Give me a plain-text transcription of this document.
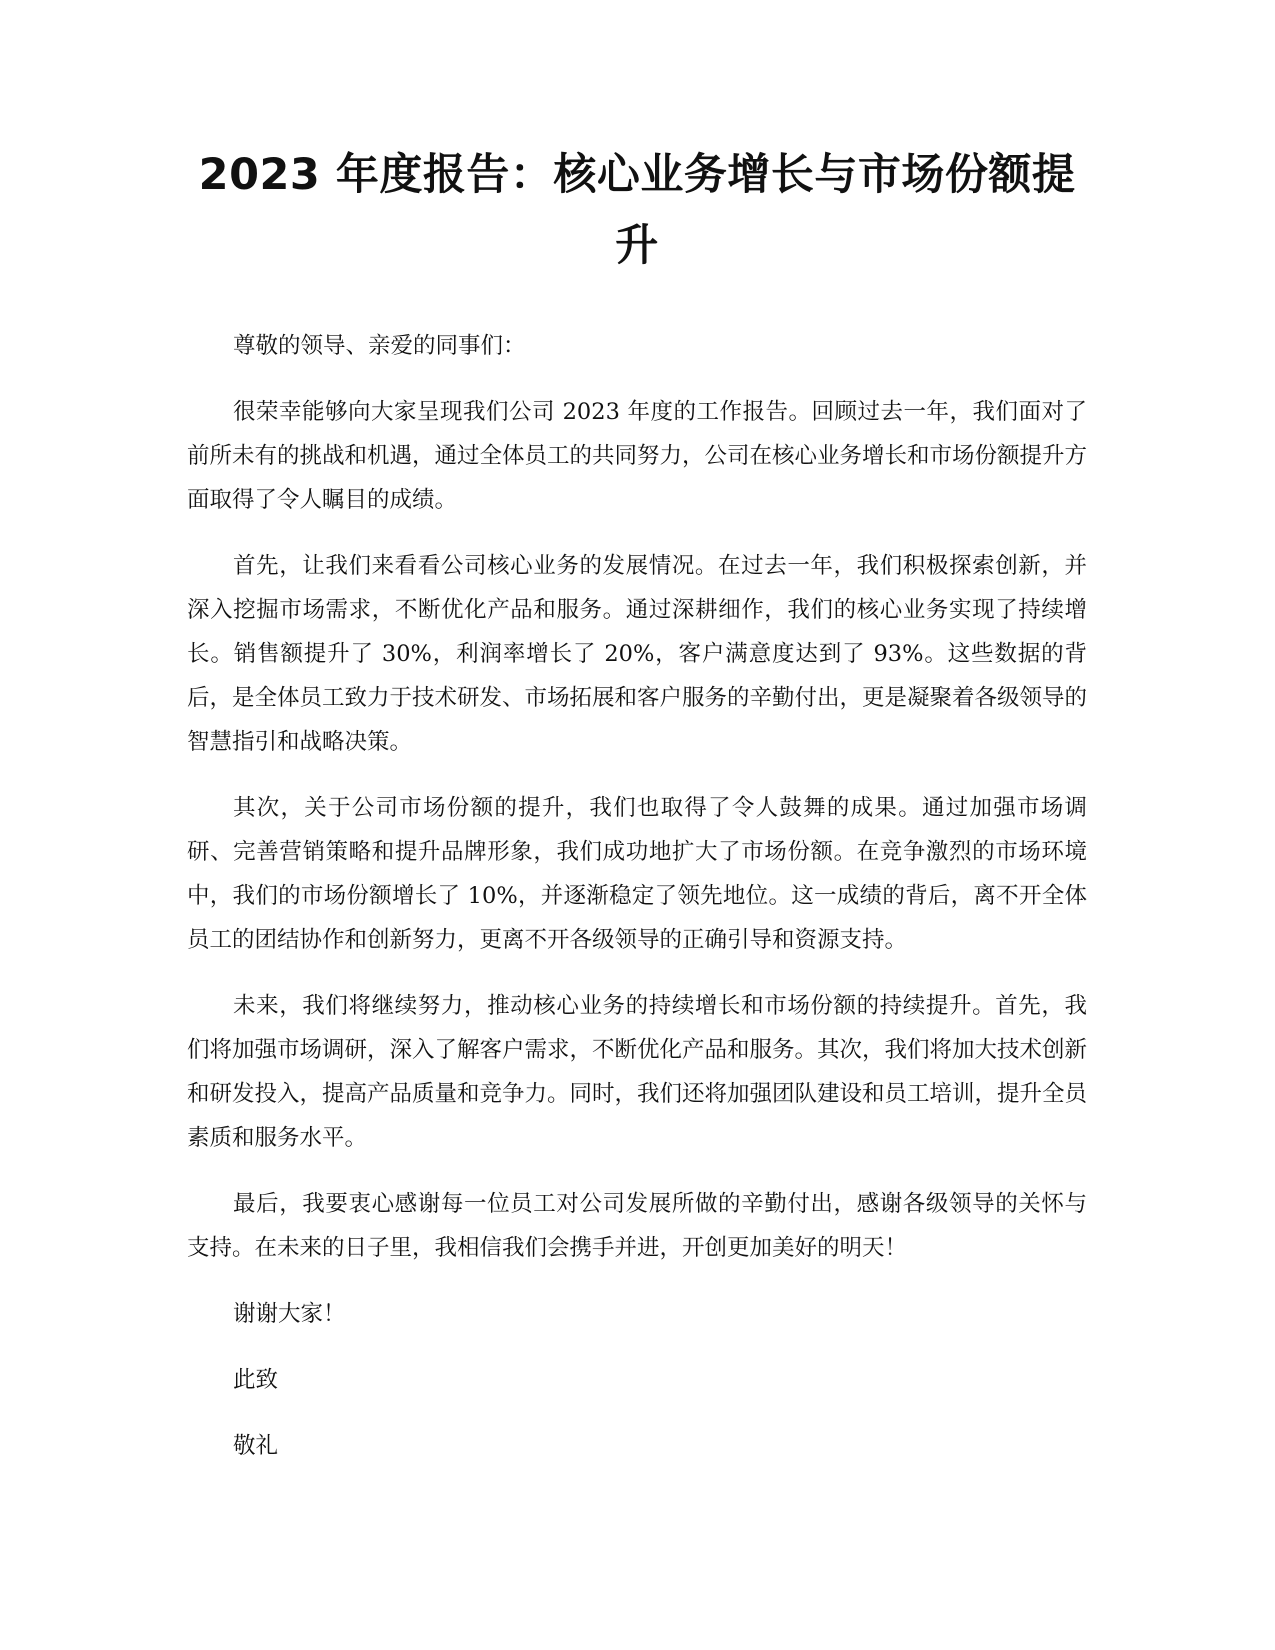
2023 年度报告：核心业务增长与市场份额提升

尊敬的领导、亲爱的同事们：

很荣幸能够向大家呈现我们公司 2023 年度的工作报告。回顾过去一年，我们面对了前所未有的挑战和机遇，通过全体员工的共同努力，公司在核心业务增长和市场份额提升方面取得了令人瞩目的成绩。

首先，让我们来看看公司核心业务的发展情况。在过去一年，我们积极探索创新，并深入挖掘市场需求，不断优化产品和服务。通过深耕细作，我们的核心业务实现了持续增长。销售额提升了 30%，利润率增长了 20%，客户满意度达到了 93%。这些数据的背后，是全体员工致力于技术研发、市场拓展和客户服务的辛勤付出，更是凝聚着各级领导的智慧指引和战略决策。

其次，关于公司市场份额的提升，我们也取得了令人鼓舞的成果。通过加强市场调研、完善营销策略和提升品牌形象，我们成功地扩大了市场份额。在竞争激烈的市场环境中，我们的市场份额增长了 10%，并逐渐稳定了领先地位。这一成绩的背后，离不开全体员工的团结协作和创新努力，更离不开各级领导的正确引导和资源支持。

未来，我们将继续努力，推动核心业务的持续增长和市场份额的持续提升。首先，我们将加强市场调研，深入了解客户需求，不断优化产品和服务。其次，我们将加大技术创新和研发投入，提高产品质量和竞争力。同时，我们还将加强团队建设和员工培训，提升全员素质和服务水平。

最后，我要衷心感谢每一位员工对公司发展所做的辛勤付出，感谢各级领导的关怀与支持。在未来的日子里，我相信我们会携手并进，开创更加美好的明天！

谢谢大家！

此致

敬礼
